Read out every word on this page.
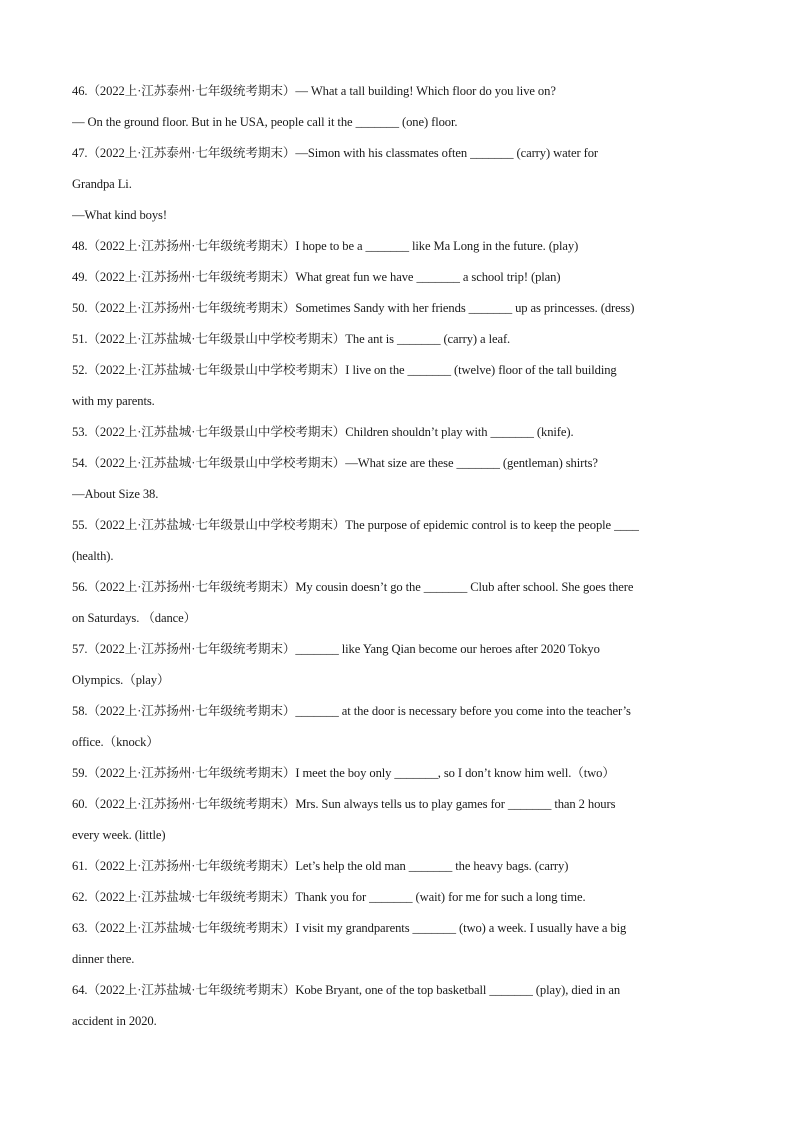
46.（2022上·江苏泰州·七年级统考期末）— What a tall building! Which floor do you live on?
— On the ground floor. But in he USA, people call it the _______ (one) floor.
47.（2022上·江苏泰州·七年级统考期末）—Simon with his classmates often _______ (carry) water for
Grandpa Li.
—What kind boys!
48.（2022上·江苏扬州·七年级统考期末）I hope to be a _______ like Ma Long in the future. (play)
49.（2022上·江苏扬州·七年级统考期末）What great fun we have _______ a school trip! (plan)
50.（2022上·江苏扬州·七年级统考期末）Sometimes Sandy with her friends _______ up as princesses. (dress)
51.（2022上·江苏盐城·七年级景山中学校考期末）The ant is _______ (carry) a leaf.
52.（2022上·江苏盐城·七年级景山中学校考期末）I live on the _______ (twelve) floor of the tall building
with my parents.
53.（2022上·江苏盐城·七年级景山中学校考期末）Children shouldn’t play with _______ (knife).
54.（2022上·江苏盐城·七年级景山中学校考期末）—What size are these _______ (gentleman) shirts?
—About Size 38.
55.（2022上·江苏盐城·七年级景山中学校考期末）The purpose of epidemic control is to keep the people ____
(health).
56.（2022上·江苏扬州·七年级统考期末）My cousin doesn’t go the _______ Club after school. She goes there
on Saturdays. （dance）
57.（2022上·江苏扬州·七年级统考期末）_______ like Yang Qian become our heroes after 2020 Tokyo
Olympics.（play）
58.（2022上·江苏扬州·七年级统考期末）_______ at the door is necessary before you come into the teacher’s
office.（knock）
59.（2022上·江苏扬州·七年级统考期末）I meet the boy only _______, so I don’t know him well.（two）
60.（2022上·江苏扬州·七年级统考期末）Mrs. Sun always tells us to play games for _______ than 2 hours
every week. (little)
61.（2022上·江苏扬州·七年级统考期末）Let’s help the old man _______ the heavy bags. (carry)
62.（2022上·江苏盐城·七年级统考期末）Thank you for _______ (wait) for me for such a long time.
63.（2022上·江苏盐城·七年级统考期末）I visit my grandparents _______ (two) a week. I usually have a big
dinner there.
64.（2022上·江苏盐城·七年级统考期末）Kobe Bryant, one of the top basketball _______ (play), died in an
accident in 2020.
